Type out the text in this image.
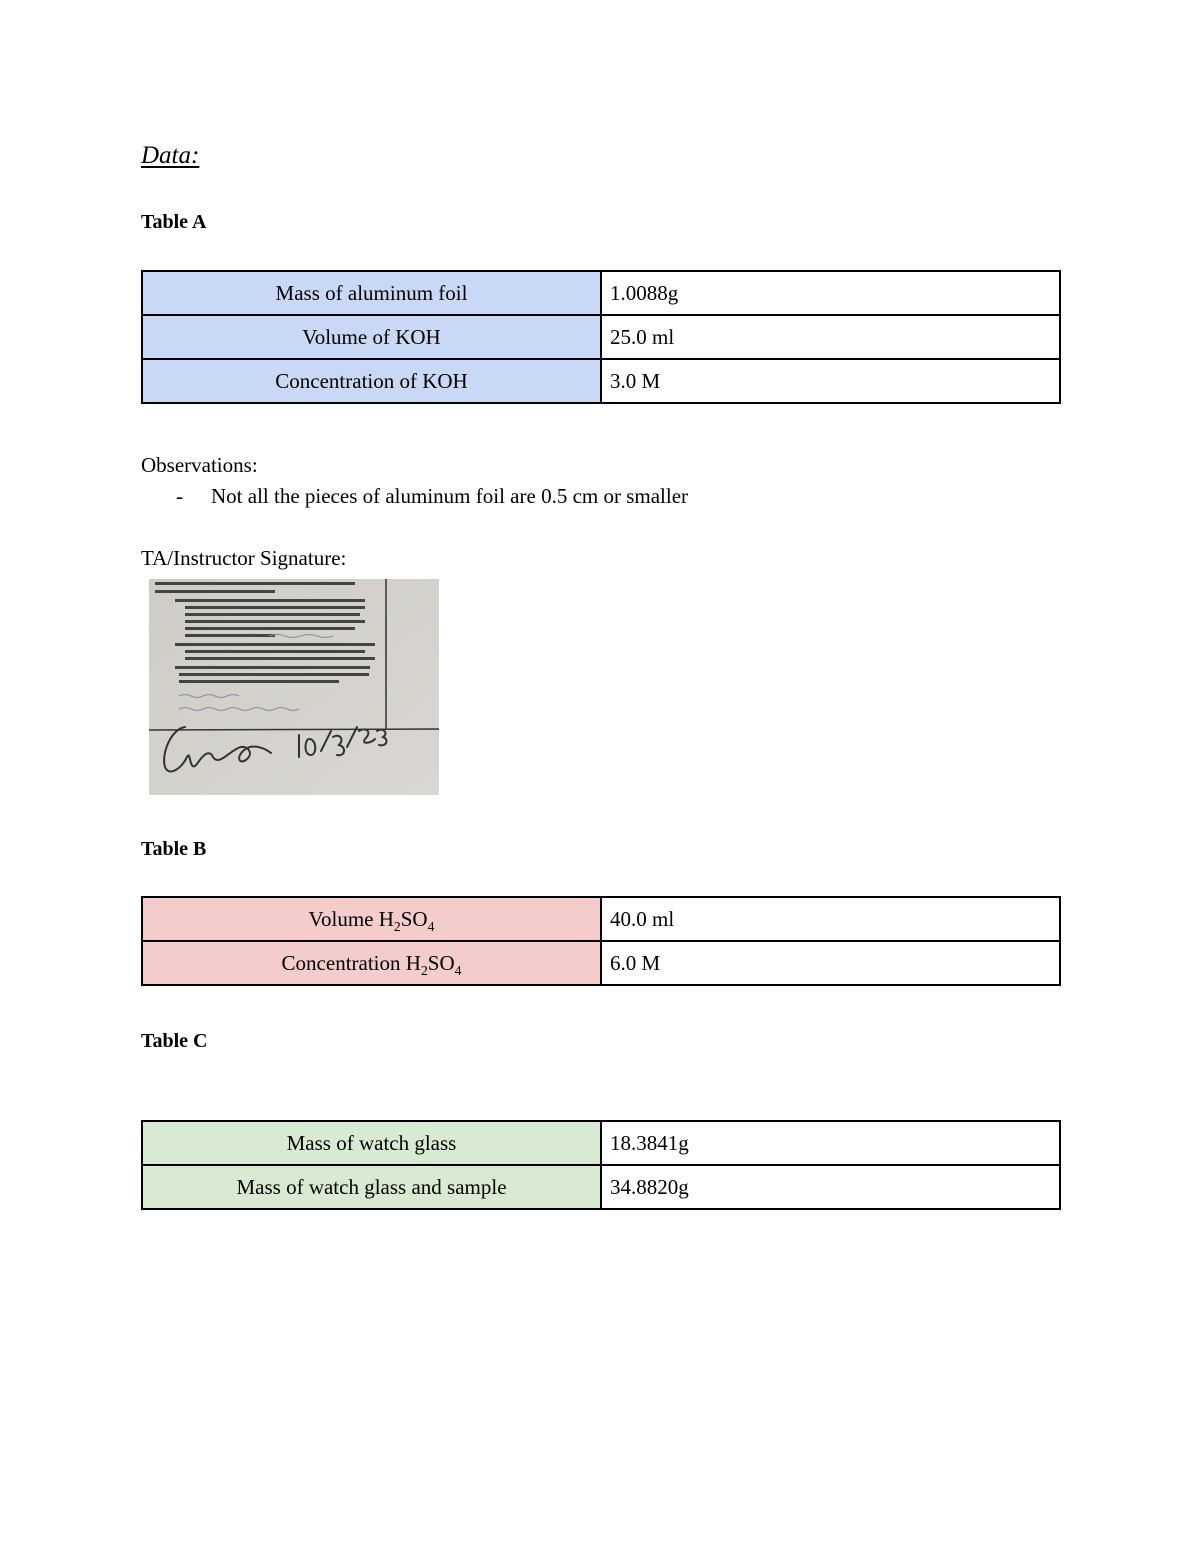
Data:
Table A
Mass of aluminum foil	1.0088g
Volume of KOH	25.0 ml
Concentration of KOH	3.0 M
Observations:
- Not all the pieces of aluminum foil are 0.5 cm or smaller
TA/Instructor Signature:
10/5/23
Table B
Volume $H_2SO_4$	40.0 ml
Concentration $H_2SO_4$	6.0 M
Table C
Mass of watch glass	18.3841g
Mass of watch glass and sample	34.8820g
